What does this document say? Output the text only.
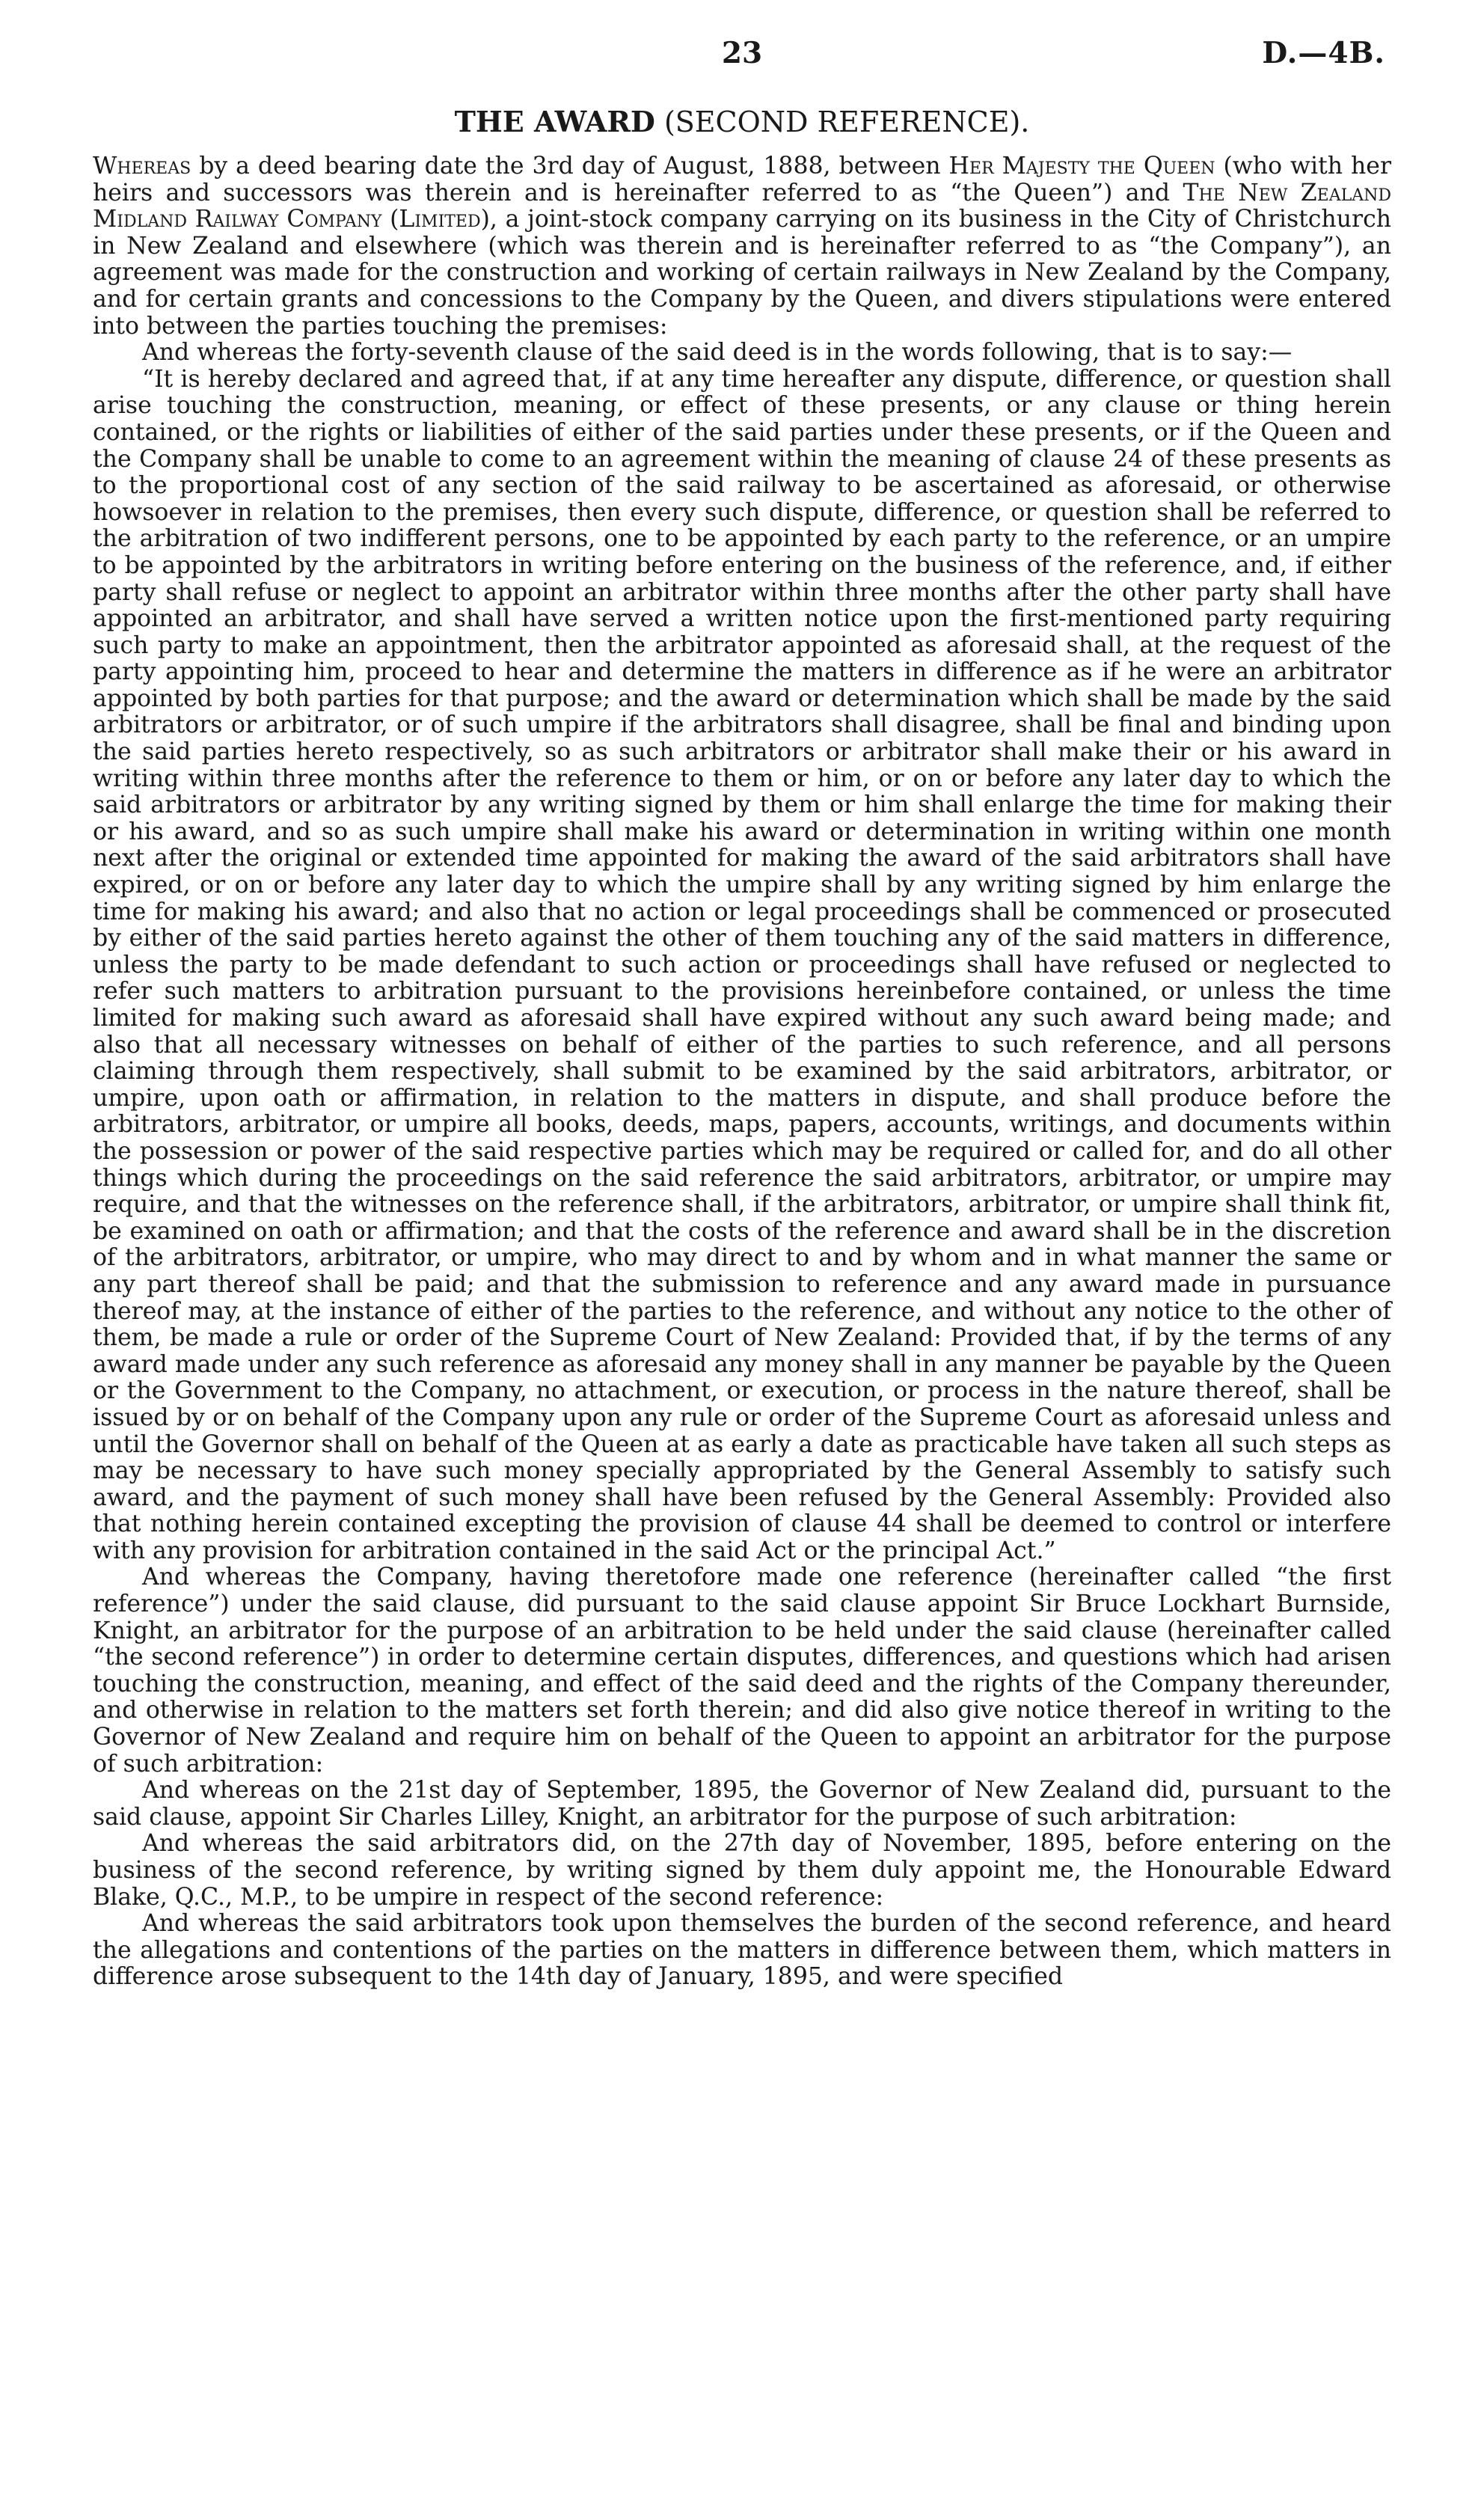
23	D.—4B.
THE AWARD (SECOND REFERENCE).

Whereas by a deed bearing date the 3rd day of August, 1888, between Her Majesty the Queen (who with her heirs and successors was therein and is hereinafter referred to as “the Queen”) and The New Zealand Midland Railway Company (Limited), a joint-stock company carrying on its business in the City of Christchurch in New Zealand and elsewhere (which was therein and is hereinafter referred to as “the Company”), an agreement was made for the construction and working of certain railways in New Zealand by the Company, and for certain grants and concessions to the Company by the Queen, and divers stipulations were entered into between the parties touching the premises:

And whereas the forty-seventh clause of the said deed is in the words following, that is to say:—

“It is hereby declared and agreed that, if at any time hereafter any dispute, difference, or question shall arise touching the construction, meaning, or effect of these presents, or any clause or thing herein contained, or the rights or liabilities of either of the said parties under these presents, or if the Queen and the Company shall be unable to come to an agreement within the meaning of clause 24 of these presents as to the proportional cost of any section of the said railway to be ascertained as aforesaid, or otherwise howsoever in relation to the premises, then every such dispute, difference, or question shall be referred to the arbitration of two indifferent persons, one to be appointed by each party to the reference, or an umpire to be appointed by the arbitrators in writing before entering on the business of the reference, and, if either party shall refuse or neglect to appoint an arbitrator within three months after the other party shall have appointed an arbitrator, and shall have served a written notice upon the first-mentioned party requiring such party to make an appointment, then the arbitrator appointed as aforesaid shall, at the request of the party appointing him, proceed to hear and determine the matters in difference as if he were an arbitrator appointed by both parties for that purpose; and the award or determination which shall be made by the said arbitrators or arbitrator, or of such umpire if the arbitrators shall disagree, shall be final and binding upon the said parties hereto respectively, so as such arbitrators or arbitrator shall make their or his award in writing within three months after the reference to them or him, or on or before any later day to which the said arbitrators or arbitrator by any writing signed by them or him shall enlarge the time for making their or his award, and so as such umpire shall make his award or determination in writing within one month next after the original or extended time appointed for making the award of the said arbitrators shall have expired, or on or before any later day to which the umpire shall by any writing signed by him enlarge the time for making his award; and also that no action or legal proceedings shall be commenced or prosecuted by either of the said parties hereto against the other of them touching any of the said matters in difference, unless the party to be made defendant to such action or proceedings shall have refused or neglected to refer such matters to arbitration pursuant to the provisions hereinbefore contained, or unless the time limited for making such award as aforesaid shall have expired without any such award being made; and also that all necessary witnesses on behalf of either of the parties to such reference, and all persons claiming through them respectively, shall submit to be examined by the said arbitrators, arbitrator, or umpire, upon oath or affirmation, in relation to the matters in dispute, and shall produce before the arbitrators, arbitrator, or umpire all books, deeds, maps, papers, accounts, writings, and documents within the possession or power of the said respective parties which may be required or called for, and do all other things which during the proceedings on the said reference the said arbitrators, arbitrator, or umpire may require, and that the witnesses on the reference shall, if the arbitrators, arbitrator, or umpire shall think fit, be examined on oath or affirmation; and that the costs of the reference and award shall be in the discretion of the arbitrators, arbitrator, or umpire, who may direct to and by whom and in what manner the same or any part thereof shall be paid; and that the submission to reference and any award made in pursuance thereof may, at the instance of either of the parties to the reference, and without any notice to the other of them, be made a rule or order of the Supreme Court of New Zealand: Provided that, if by the terms of any award made under any such reference as aforesaid any money shall in any manner be payable by the Queen or the Government to the Company, no attachment, or execution, or process in the nature thereof, shall be issued by or on behalf of the Company upon any rule or order of the Supreme Court as aforesaid unless and until the Governor shall on behalf of the Queen at as early a date as practicable have taken all such steps as may be necessary to have such money specially appropriated by the General Assembly to satisfy such award, and the payment of such money shall have been refused by the General Assembly: Provided also that nothing herein contained excepting the provision of clause 44 shall be deemed to control or interfere with any provision for arbitration contained in the said Act or the principal Act.”

And whereas the Company, having theretofore made one reference (hereinafter called “the first reference”) under the said clause, did pursuant to the said clause appoint Sir Bruce Lockhart Burnside, Knight, an arbitrator for the purpose of an arbitration to be held under the said clause (hereinafter called “the second reference”) in order to determine certain disputes, differences, and questions which had arisen touching the construction, meaning, and effect of the said deed and the rights of the Company thereunder, and otherwise in relation to the matters set forth therein; and did also give notice thereof in writing to the Governor of New Zealand and require him on behalf of the Queen to appoint an arbitrator for the purpose of such arbitration:

And whereas on the 21st day of September, 1895, the Governor of New Zealand did, pursuant to the said clause, appoint Sir Charles Lilley, Knight, an arbitrator for the purpose of such arbitration:

And whereas the said arbitrators did, on the 27th day of November, 1895, before entering on the business of the second reference, by writing signed by them duly appoint me, the Honourable Edward Blake, Q.C., M.P., to be umpire in respect of the second reference:

And whereas the said arbitrators took upon themselves the burden of the second reference, and heard the allegations and contentions of the parties on the matters in difference between them, which matters in difference arose subsequent to the 14th day of January, 1895, and were specified
